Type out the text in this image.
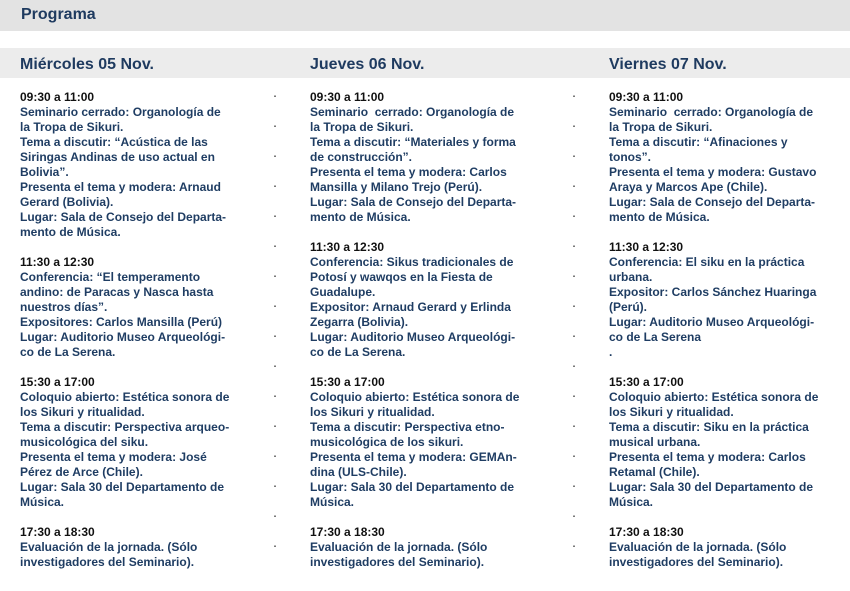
Programa
Miércoles 05 Nov.
09:30 a 11:00
Seminario cerrado: Organología de
la Tropa de Sikuri.
Tema a discutir: “Acústica de las
Siringas Andinas de uso actual en
Bolivia”.
Presenta el tema y modera: Arnaud
Gerard (Bolivia).
Lugar: Sala de Consejo del Departa-
mento de Música.
11:30 a 12:30
Conferencia: “El temperamento
andino: de Paracas y Nasca hasta
nuestros días”.
Expositores: Carlos Mansilla (Perú)
Lugar: Auditorio Museo Arqueológi-
co de La Serena.
15:30 a 17:00
Coloquio abierto: Estética sonora de
los Sikuri y ritualidad.
Tema a discutir: Perspectiva arqueo-
musicológica del siku.
Presenta el tema y modera: José
Pérez de Arce (Chile).
Lugar: Sala 30 del Departamento de
Música.
17:30 a 18:30
Evaluación de la jornada. (Sólo
investigadores del Seminario).
Jueves 06 Nov.
09:30 a 11:00
Seminario  cerrado: Organología de
la Tropa de Sikuri.
Tema a discutir: “Materiales y forma
de construcción”.
Presenta el tema y modera: Carlos
Mansilla y Milano Trejo (Perú).
Lugar: Sala de Consejo del Departa-
mento de Música.
11:30 a 12:30
Conferencia: Sikus tradicionales de
Potosí y wawqos en la Fiesta de
Guadalupe.
Expositor: Arnaud Gerard y Erlinda
Zegarra (Bolivia).
Lugar: Auditorio Museo Arqueológi-
co de La Serena.
15:30 a 17:00
Coloquio abierto: Estética sonora de
los Sikuri y ritualidad.
Tema a discutir: Perspectiva etno-
musicológica de los sikuri.
Presenta el tema y modera: GEMAn-
dina (ULS-Chile).
Lugar: Sala 30 del Departamento de
Música.
17:30 a 18:30
Evaluación de la jornada. (Sólo
investigadores del Seminario).
Viernes 07 Nov.
09:30 a 11:00
Seminario  cerrado: Organología de
la Tropa de Sikuri.
Tema a discutir: “Afinaciones y
tonos”.
Presenta el tema y modera: Gustavo
Araya y Marcos Ape (Chile).
Lugar: Sala de Consejo del Departa-
mento de Música.
11:30 a 12:30
Conferencia: El siku en la práctica
urbana.
Expositor: Carlos Sánchez Huaringa
(Perú).
Lugar: Auditorio Museo Arqueológi-
co de La Serena
.
15:30 a 17:00
Coloquio abierto: Estética sonora de
los Sikuri y ritualidad.
Tema a discutir: Siku en la práctica
musical urbana.
Presenta el tema y modera: Carlos
Retamal (Chile).
Lugar: Sala 30 del Departamento de
Música.
17:30 a 18:30
Evaluación de la jornada. (Sólo
investigadores del Seminario).
.
.
.
.
.
.
.
.
.
.
.
.
.
.
.
.
.
.
.
.
.
.
.
.
.
.
.
.
.
.
.
.
